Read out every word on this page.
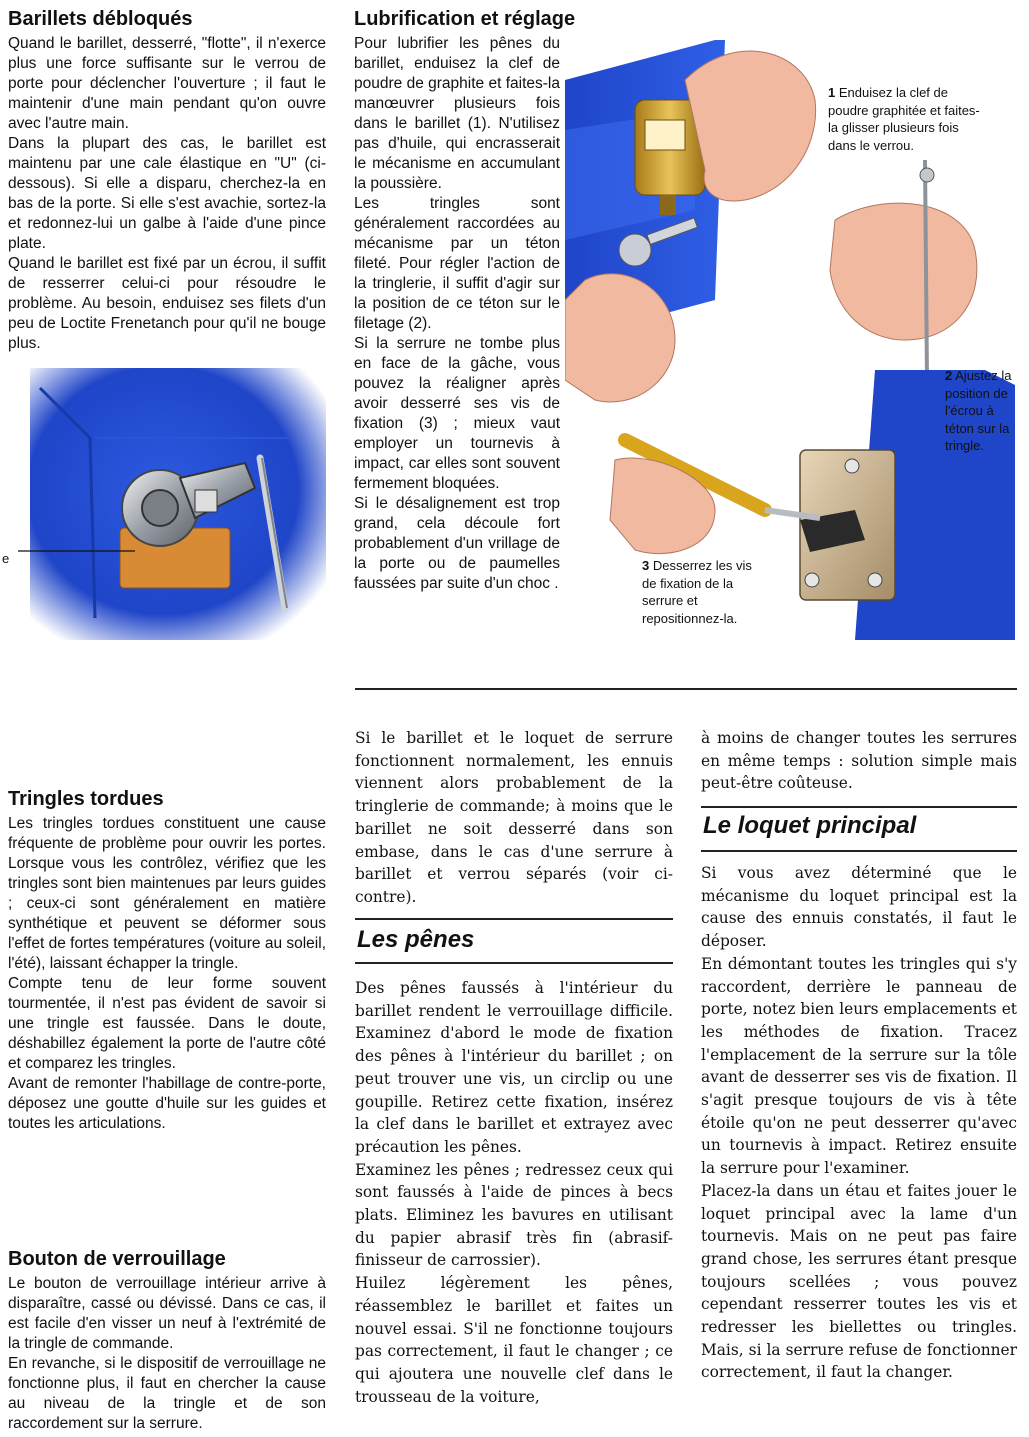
Barillets débloqués

Quand le barillet, desserré, "flotte", il n'exerce plus une force suffisante sur le verrou de porte pour déclencher l'ouverture ; il faut le maintenir d'une main pendant qu'on ouvre avec l'autre main.

Dans la plupart des cas, le barillet est maintenu par une cale élastique en "U" (ci-dessous). Si elle a disparu, cherchez-la en bas de la porte. Si elle s'est avachie, sortez-la et redonnez-lui un galbe à l'aide d'une pince plate.

Quand le barillet est fixé par un écrou, il suffit de resserrer celui-ci pour résoudre le problème. Au besoin, enduisez ses filets d'un peu de Loctite Frenetanch pour qu'il ne bouge plus.

e
Tringles tordues

Les tringles tordues constituent une cause fréquente de problème pour ouvrir les portes. Lorsque vous les contrôlez, vérifiez que les tringles sont bien maintenues par leurs guides ; ceux-ci sont généralement en matière synthétique et peuvent se déformer sous l'effet de fortes températures (voiture au soleil, l'été), laissant échapper la tringle.

Compte tenu de leur forme souvent tourmentée, il n'est pas évident de savoir si une tringle est faussée. Dans le doute, déshabillez également la porte de l'autre côté et comparez les tringles.

Avant de remonter l'habillage de contre-porte, déposez une goutte d'huile sur les guides et toutes les articulations.

Bouton de verrouillage

Le bouton de verrouillage intérieur arrive à disparaître, cassé ou dévissé. Dans ce cas, il est facile d'en visser un neuf à l'extrémité de la tringle de commande.

En revanche, si le dispositif de verrouillage ne fonctionne plus, il faut en chercher la cause au niveau de la tringle et de son raccordement sur la serrure.

Lubrification et réglage

Pour lubrifier les pênes du barillet, enduisez la clef de poudre de graphite et faites-la manœuvrer plusieurs fois dans le barillet (1). N'utilisez pas d'huile, qui encrasserait le mécanisme en accumulant la poussière.

Les tringles sont généralement raccordées au mécanisme par un téton fileté. Pour régler l'action de la tringlerie, il suffit d'agir sur la position de ce téton sur le filetage (2).

Si la serrure ne tombe plus en face de la gâche, vous pouvez la réaligner après avoir desserré ses vis de fixation (3) ; mieux vaut employer un tournevis à impact, car elles sont souvent fermement bloquées.

Si le désalignement est trop grand, cela découle fort probablement d'un vrillage de la porte ou de paumelles faussées par suite d'un choc .

1 Enduisez la clef de poudre graphitée et faites-la glisser plusieurs fois dans le verrou.
2 Ajustez la position de l'écrou à téton sur la tringle.
3 Desserrez les vis de fixation de la serrure et repositionnez-la.

Si le barillet et le loquet de serrure fonctionnent normalement, les ennuis viennent alors probablement de la tringlerie de commande; à moins que le barillet ne soit desserré dans son embase, dans le cas d'une serrure à barillet et verrou séparés (voir ci-contre).

Les pênes

Des pênes faussés à l'intérieur du barillet rendent le verrouillage difficile. Examinez d'abord le mode de fixation des pênes à l'intérieur du barillet ; on peut trouver une vis, un circlip ou une goupille. Retirez cette fixation, insérez la clef dans le barillet et extrayez avec précaution les pênes.

Examinez les pênes ; redressez ceux qui sont faussés à l'aide de pinces à becs plats. Eliminez les bavures en utilisant du papier abrasif très fin (abrasif-finisseur de carrossier).

Huilez légèrement les pênes, réassemblez le barillet et faites un nouvel essai. S'il ne fonctionne toujours pas correctement, il faut le changer ; ce qui ajoutera une nouvelle clef dans le trousseau de la voiture,

à moins de changer toutes les serrures en même temps : solution simple mais peut-être coûteuse.

Le loquet principal

Si vous avez déterminé que le mécanisme du loquet principal est la cause des ennuis constatés, il faut le déposer.

En démontant toutes les tringles qui s'y raccordent, derrière le panneau de porte, notez bien leurs emplacements et les méthodes de fixation. Tracez l'emplacement de la serrure sur la tôle avant de desserrer ses vis de fixation. Il s'agit presque toujours de vis à tête étoile qu'on ne peut desserrer qu'avec un tournevis à impact. Retirez ensuite la serrure pour l'examiner.

Placez-la dans un étau et faites jouer le loquet principal avec la lame d'un tournevis. Mais on ne peut pas faire grand chose, les serrures étant presque toujours scellées ; vous pouvez cependant resserrer toutes les vis et redresser les biellettes ou tringles. Mais, si la serrure refuse de fonctionner correctement, il faut la changer.
